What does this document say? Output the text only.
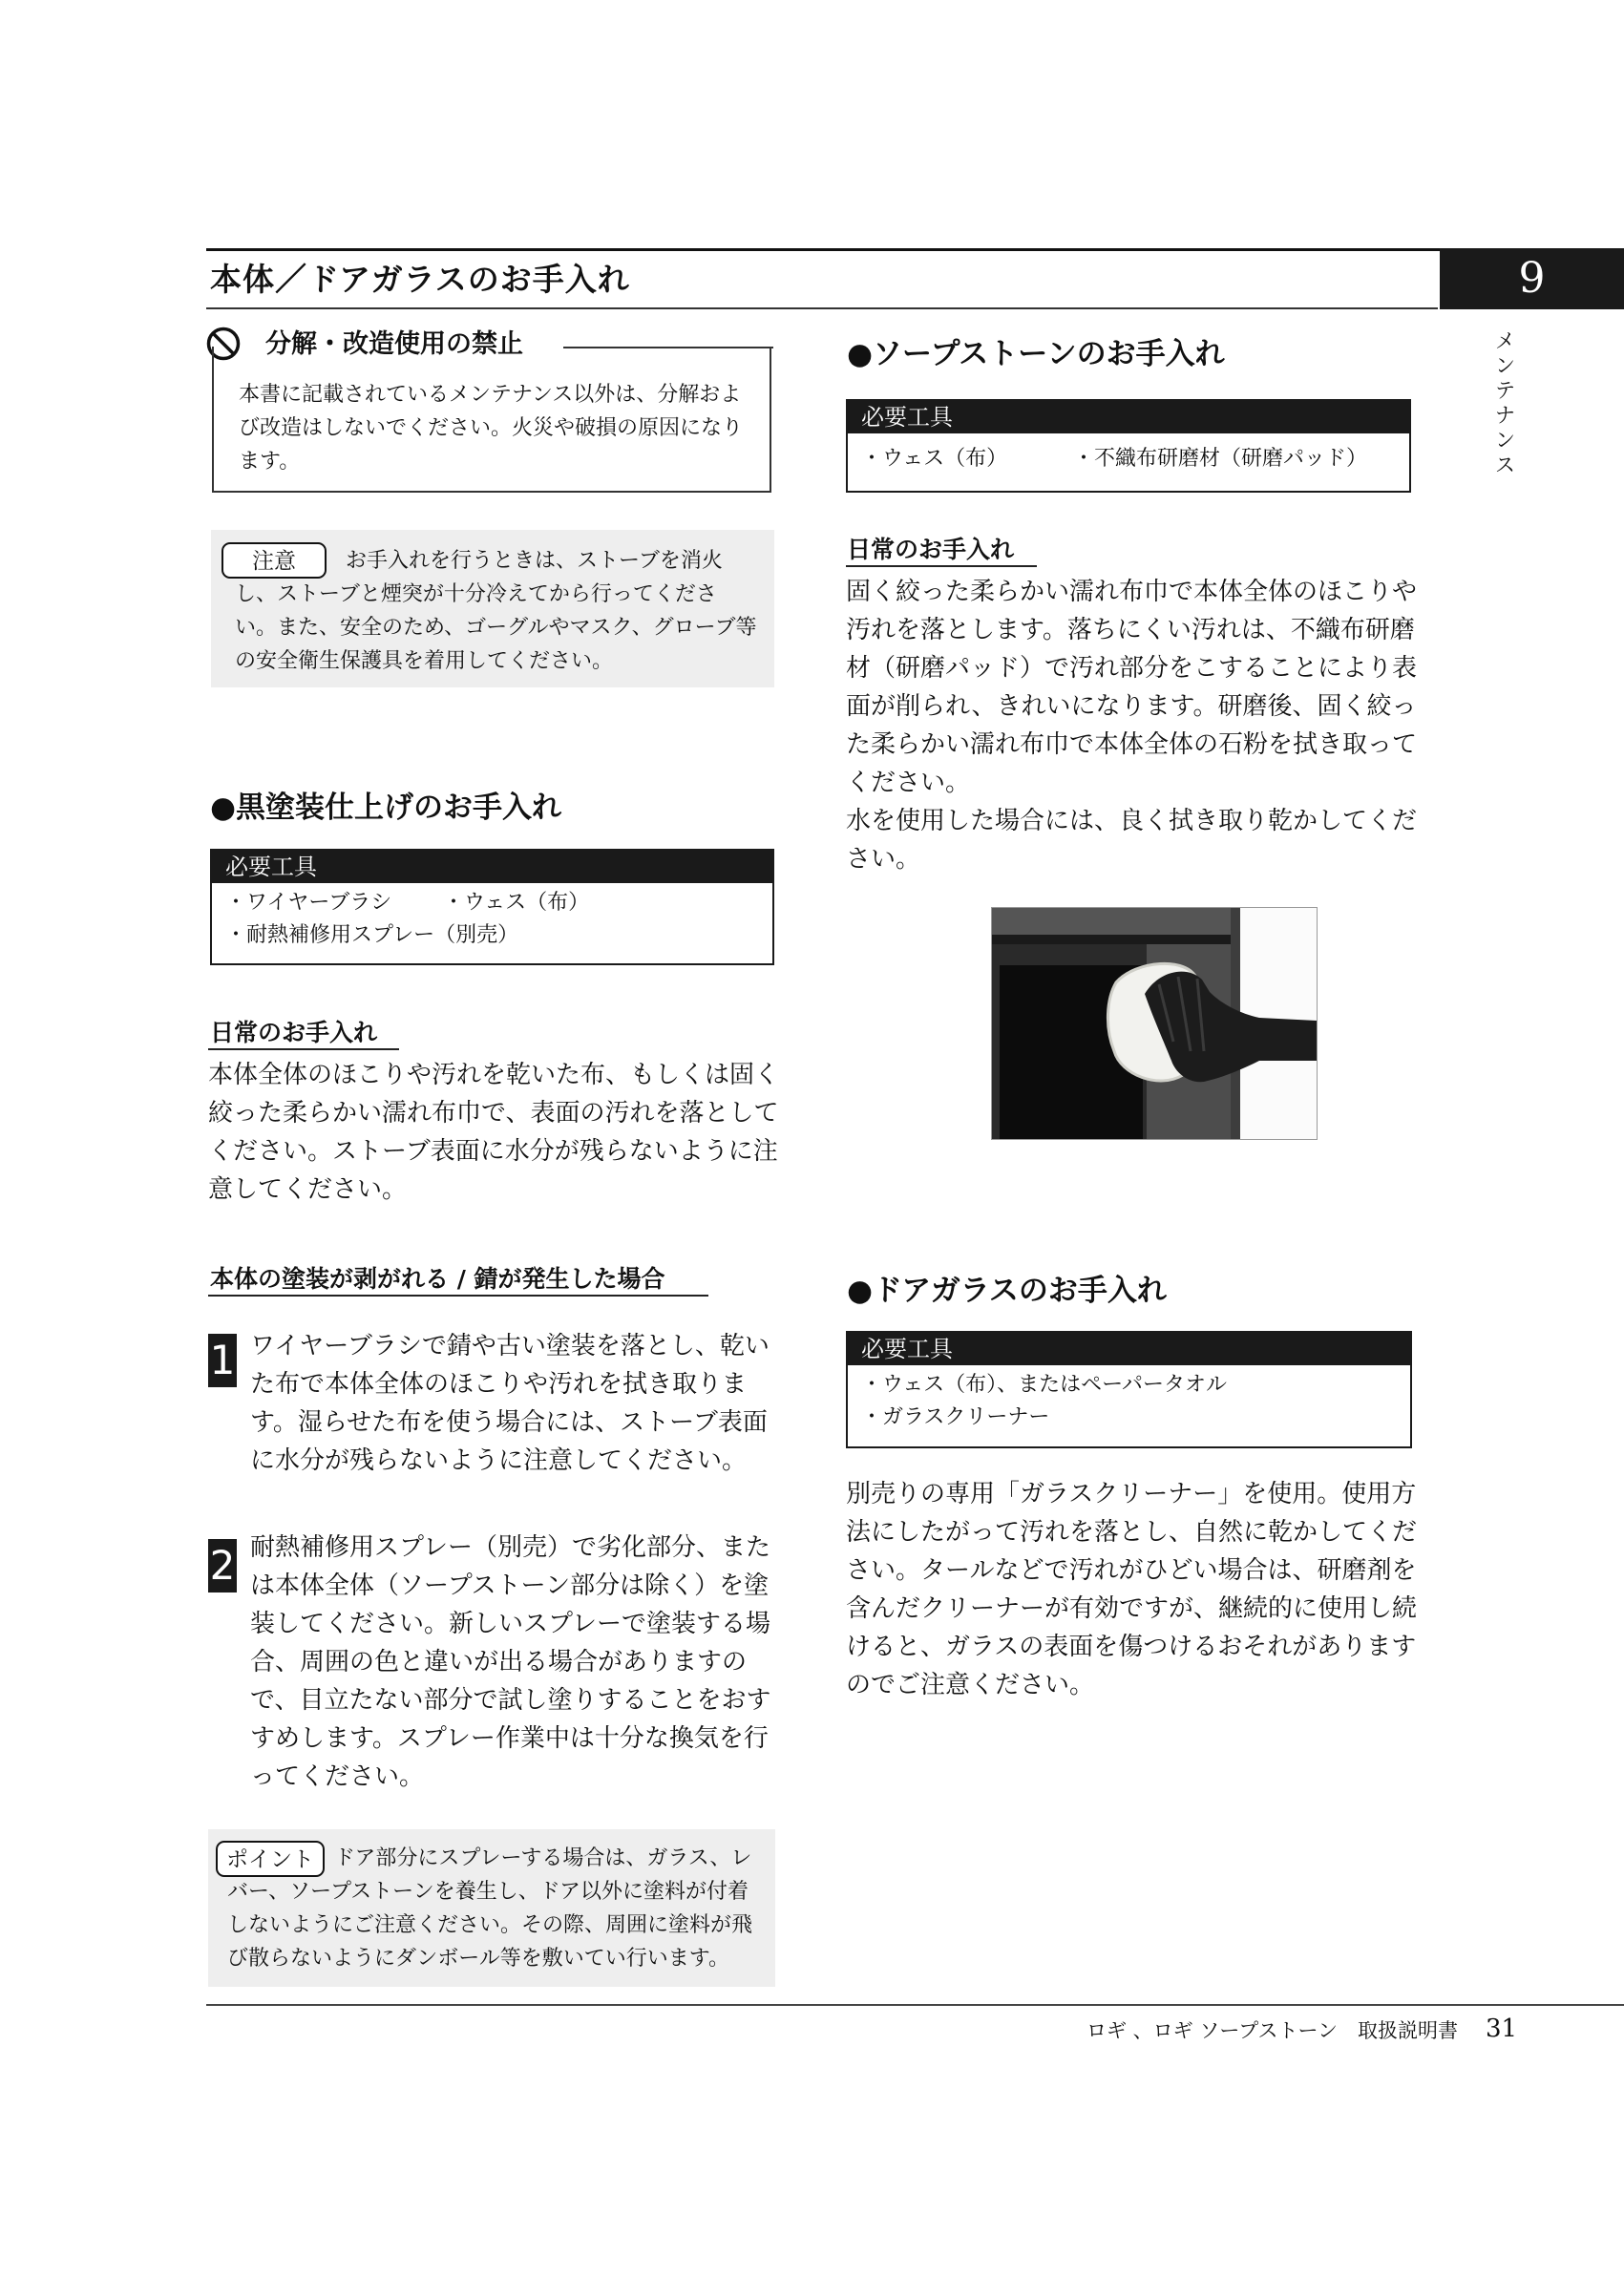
本体／ドアガラスのお手入れ	9
メンテナンス
分解・改造使用の禁止
本書に記載されているメンテナンス以外は、分解および改造はしないでください。火災や破損の原因になります。
お手入れを行うときは、ストーブを消火し、ストーブと煙突が十分冷えてから行ってください。また、安全のため、ゴーグルやマスク、グローブ等の安全衛生保護具を着用してください。
注意
●黒塗装仕上げのお手入れ
必要工具
・ワイヤーブラシ	・ウェス（布）
・耐熱補修用スプレー（別売）
日常のお手入れ
本体全体のほこりや汚れを乾いた布、もしくは固く絞った柔らかい濡れ布巾で、表面の汚れを落としてください。ストーブ表面に水分が残らないように注意してください。
本体の塗装が剥がれる / 錆が発生した場合
1 ワイヤーブラシで錆や古い塗装を落とし、乾いた布で本体全体のほこりや汚れを拭き取ります。湿らせた布を使う場合には、ストーブ表面に水分が残らないように注意してください。
2 耐熱補修用スプレー（別売）で劣化部分、または本体全体（ソープストーン部分は除く）を塗装してください。新しいスプレーで塗装する場合、周囲の色と違いが出る場合がありますので、目立たない部分で試し塗りすることをおすすめします。スプレー作業中は十分な換気を行ってください。
ドア部分にスプレーする場合は、ガラス、レバー、ソープストーンを養生し、ドア以外に塗料が付着しないようにご注意ください。その際、周囲に塗料が飛び散らないようにダンボール等を敷いてい行います。
ポイント
●ソープストーンのお手入れ
必要工具
・ウェス（布）	・不織布研磨材（研磨パッド）
日常のお手入れ
固く絞った柔らかい濡れ布巾で本体全体のほこりや汚れを落とします。落ちにくい汚れは、不織布研磨材（研磨パッド）で汚れ部分をこすることにより表面が削られ、きれいになります。研磨後、固く絞った柔らかい濡れ布巾で本体全体の石粉を拭き取ってください。
水を使用した場合には、良く拭き取り乾かしてください。
●ドアガラスのお手入れ
必要工具
・ウェス（布）、またはペーパータオル
・ガラスクリーナー
別売りの専用「ガラスクリーナー」を使用。使用方法にしたがって汚れを落とし、自然に乾かしてください。タールなどで汚れがひどい場合は、研磨剤を含んだクリーナーが有効ですが、継続的に使用し続けると、ガラスの表面を傷つけるおそれがありますのでご注意ください。
ロギ 、ロギ ソープストーン　取扱説明書 31
